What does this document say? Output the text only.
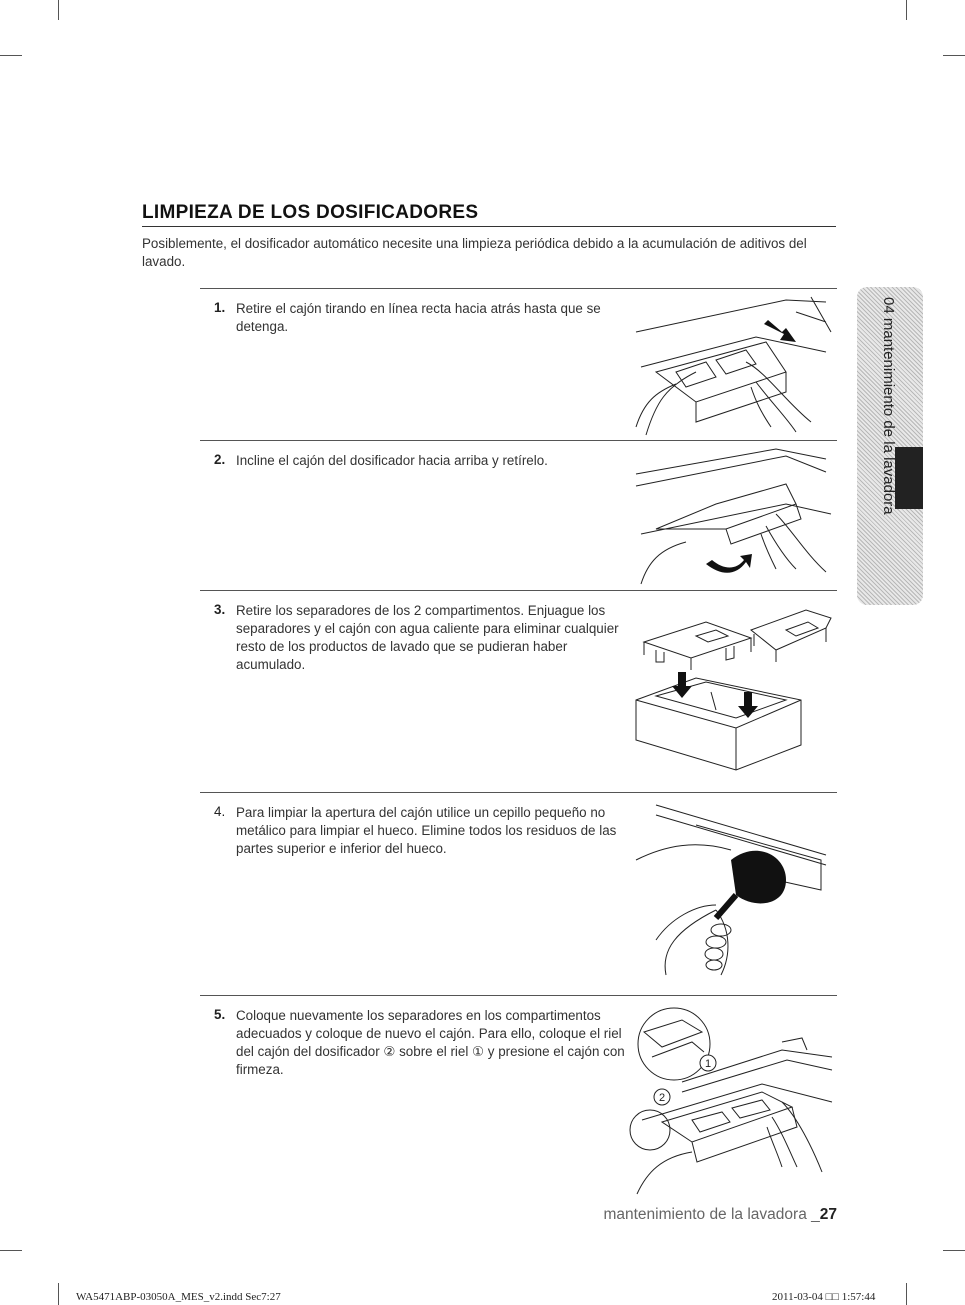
LIMPIEZA DE LOS DOSIFICADORES

Posiblemente, el dosificador automático necesite una limpieza periódica debido a la acumulación de aditivos del lavado.

1. Retire el cajón tirando en línea recta hacia atrás hasta que se detenga.

2. Incline el cajón del dosificador hacia arriba y retírelo.

3. Retire los separadores de los 2 compartimentos. Enjuague los separadores y el cajón con agua caliente para eliminar cualquier resto de los productos de lavado que se pudieran haber acumulado.

4. Para limpiar la apertura del cajón utilice un cepillo pequeño no metálico para limpiar el hueco. Elimine todos los residuos de las partes superior e inferior del hueco.

5. Coloque nuevamente los separadores en los compartimentos adecuados y coloque de nuevo el cajón. Para ello, coloque el riel del cajón del dosificador ② sobre el riel ① y presione el cajón con firmeza.	1
2
04 mantenimiento de la lavadora
mantenimiento de la lavadora _27
WA5471ABP-03050A_MES_v2.indd Sec7:27	2011-03-04 □□ 1:57:44
